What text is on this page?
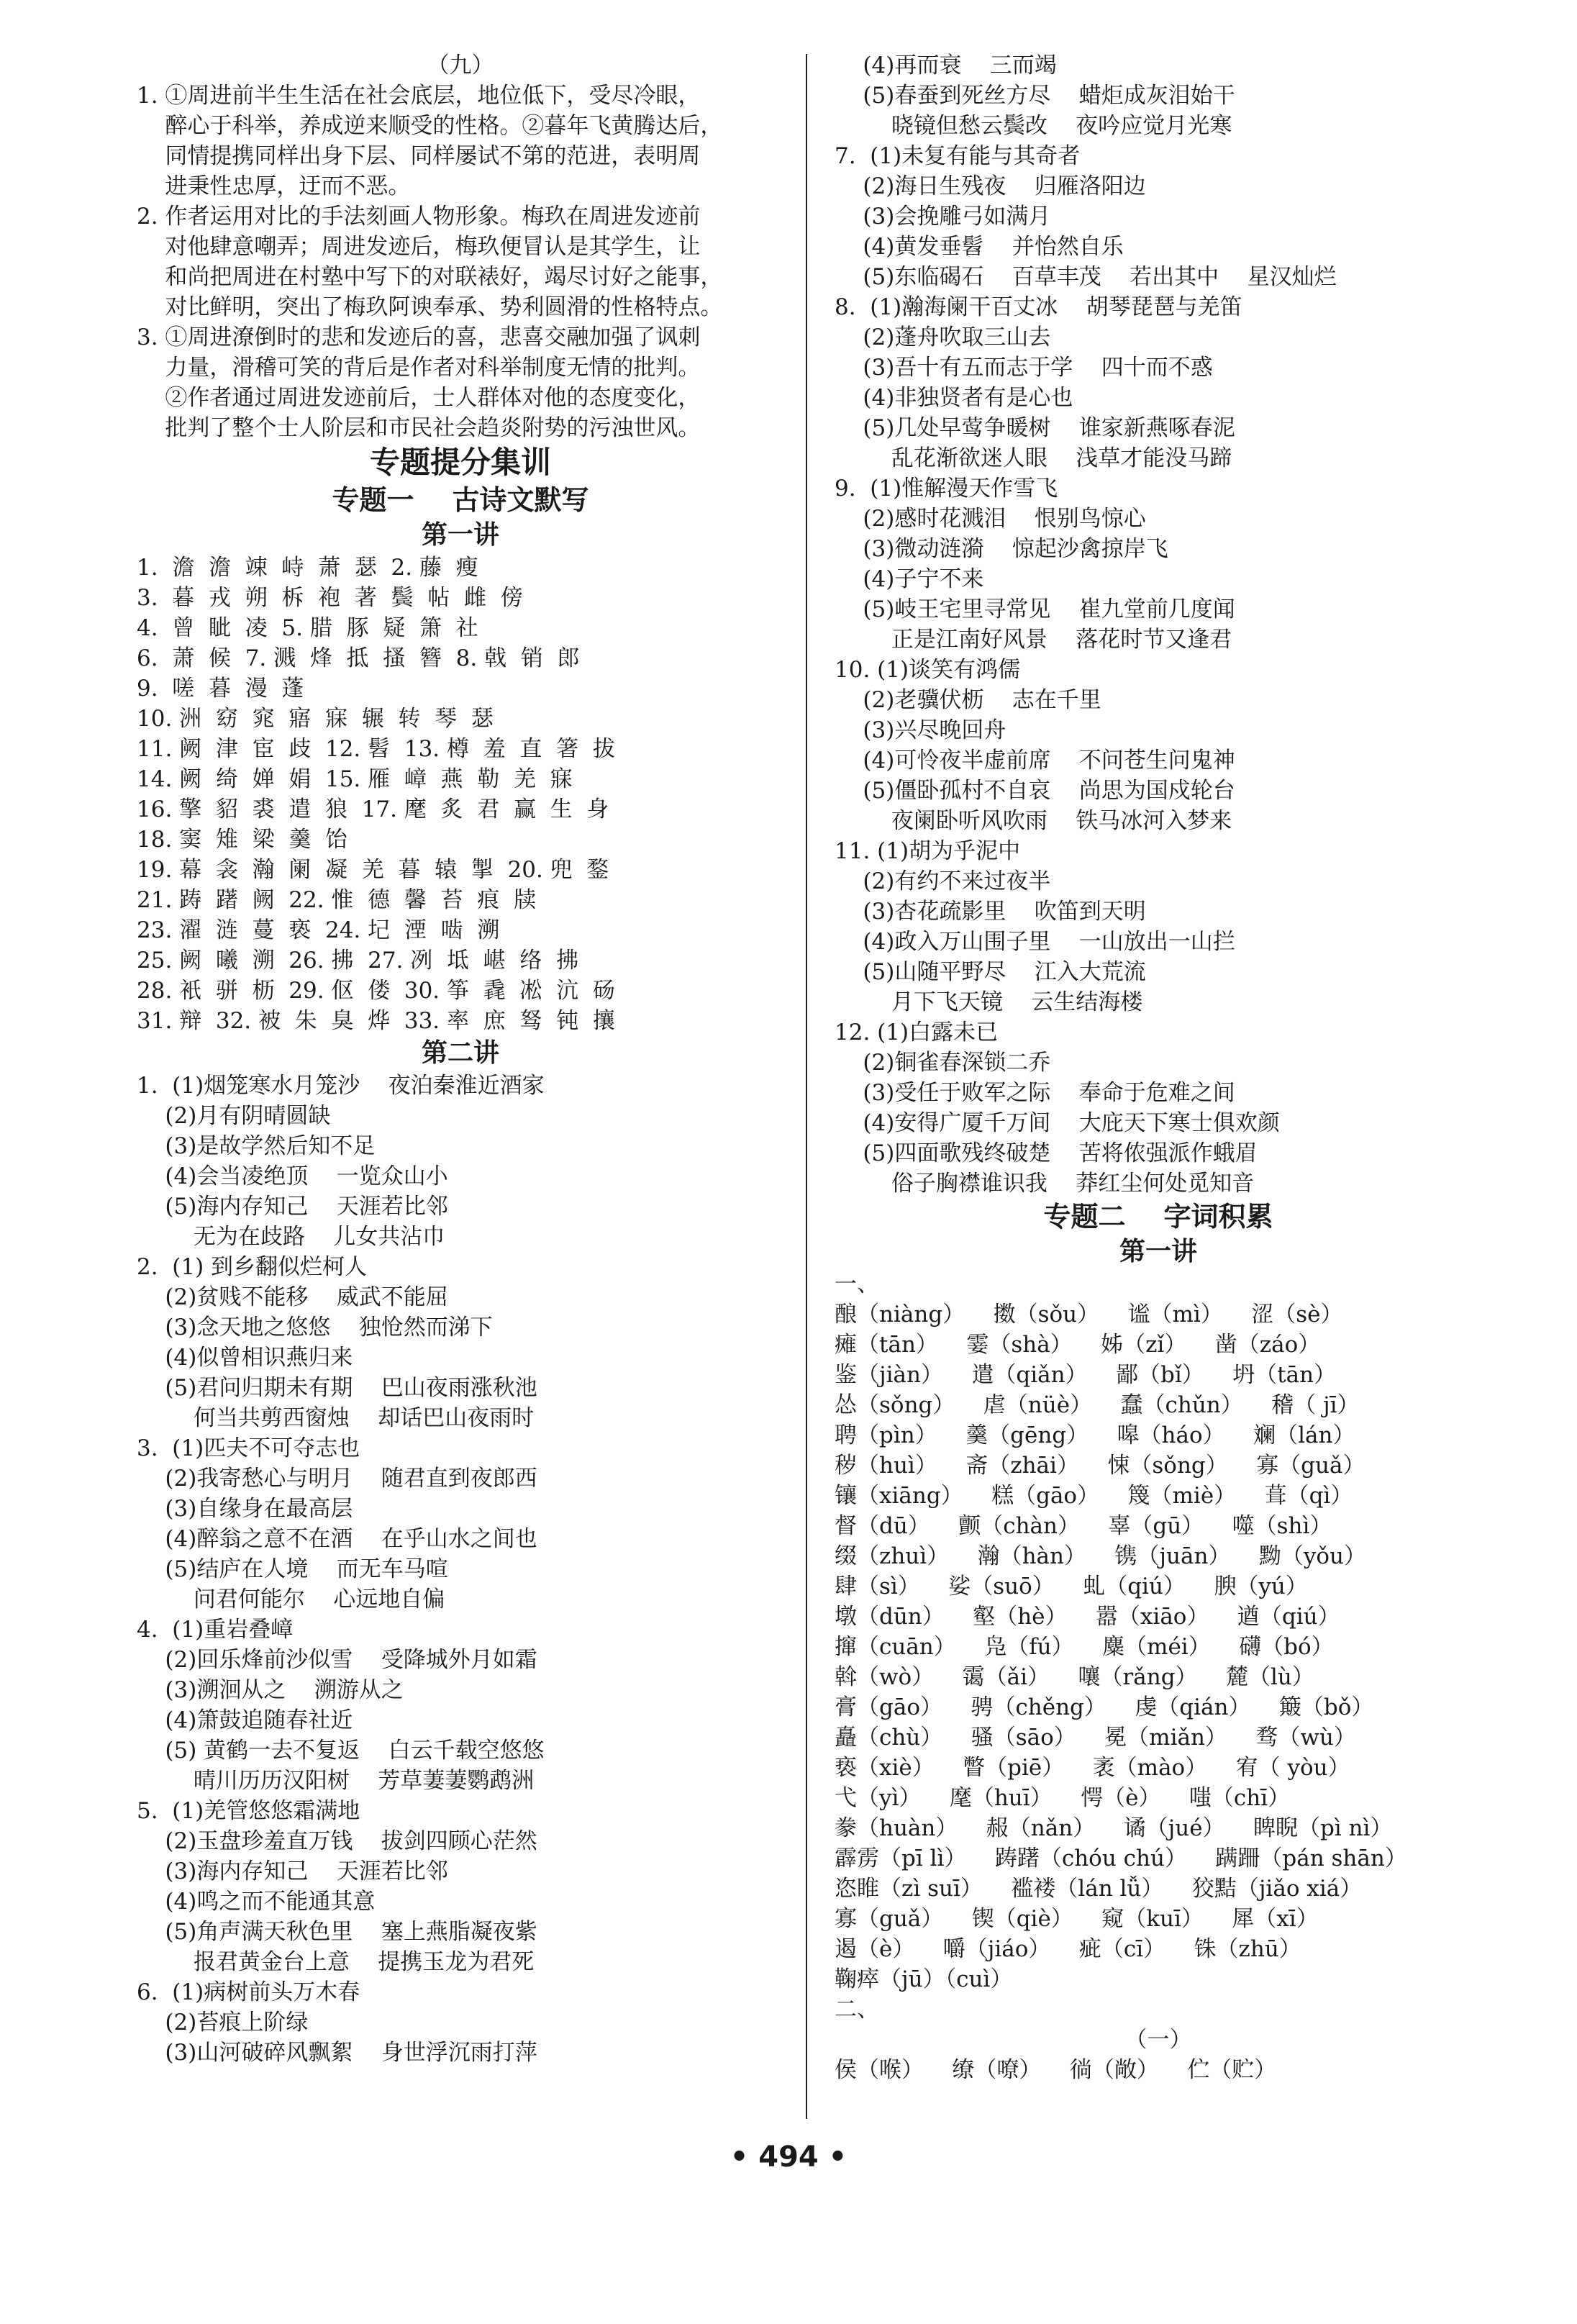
（九）
1. ①周进前半生生活在社会底层，地位低下，受尽冷眼，
醉心于科举，养成逆来顺受的性格。②暮年飞黄腾达后，
同情提携同样出身下层、同样屡试不第的范进，表明周
进秉性忠厚，迂而不恶。
2. 作者运用对比的手法刻画人物形象。梅玖在周进发迹前
对他肆意嘲弄；周进发迹后，梅玖便冒认是其学生，让
和尚把周进在村塾中写下的对联裱好，竭尽讨好之能事，
对比鲜明，突出了梅玖阿谀奉承、势利圆滑的性格特点。
3. ①周进潦倒时的悲和发迹后的喜，悲喜交融加强了讽刺
力量，滑稽可笑的背后是作者对科举制度无情的批判。
②作者通过周进发迹前后，士人群体对他的态度变化，
批判了整个士人阶层和市民社会趋炎附势的污浊世风。
专题提分集训
专题一    古诗文默写
第一讲
1.  澹  澹  竦  峙  萧  瑟  2. 藤  瘦
3.  暮  戎  朔  柝  袍  著  鬓  帖  雌  傍
4.  曾  眦  凌  5. 腊  豚  疑  箫  社
6.  萧  候  7. 溅  烽  抵  搔  簪  8. 戟  销  郎
9.  嗟  暮  漫  蓬
10. 洲  窈  窕  寤  寐  辗  转  琴  瑟
11. 阙  津  宦  歧  12. 髫  13. 樽  羞  直  箸  拔
14. 阙  绮  婵  娟  15. 雁  嶂  燕  勒  羌  寐
16. 擎  貂  裘  遣  狼  17. 麾  炙  君  赢  生  身
18. 窦  雉  梁  羹  饴
19. 幕  衾  瀚  阑  凝  羌  暮  辕  掣  20. 兜  鍪
21. 踌  躇  阙  22. 惟  德  馨  苔  痕  牍
23. 濯  涟  蔓  亵  24. 圮  湮  啮  溯
25. 阙  曦  溯  26. 拂  27. 冽  坻  嵁  络  拂
28. 衹  骈  枥  29. 伛  偻  30. 筝  毳  凇  沆  砀
31. 辩  32. 被  朱  臭  烨  33. 率  庶  驽  钝  攘
第二讲
1.  (1)烟笼寒水月笼沙    夜泊秦淮近酒家
(2)月有阴晴圆缺
(3)是故学然后知不足
(4)会当凌绝顶    一览众山小
(5)海内存知己    天涯若比邻
无为在歧路    儿女共沾巾
2.  (1) 到乡翻似烂柯人
(2)贫贱不能移    威武不能屈
(3)念天地之悠悠    独怆然而涕下
(4)似曾相识燕归来
(5)君问归期未有期    巴山夜雨涨秋池
何当共剪西窗烛    却话巴山夜雨时
3.  (1)匹夫不可夺志也
(2)我寄愁心与明月    随君直到夜郎西
(3)自缘身在最高层
(4)醉翁之意不在酒    在乎山水之间也
(5)结庐在人境    而无车马喧
问君何能尔    心远地自偏
4.  (1)重岩叠嶂
(2)回乐烽前沙似雪    受降城外月如霜
(3)溯洄从之    溯游从之
(4)箫鼓追随春社近
(5) 黄鹤一去不复返    白云千载空悠悠
晴川历历汉阳树    芳草萋萋鹦鹉洲
5.  (1)羌管悠悠霜满地
(2)玉盘珍羞直万钱    拔剑四顾心茫然
(3)海内存知己    天涯若比邻
(4)鸣之而不能通其意
(5)角声满天秋色里    塞上燕脂凝夜紫
报君黄金台上意    提携玉龙为君死
6.  (1)病树前头万木春
(2)苔痕上阶绿
(3)山河破碎风飘絮    身世浮沉雨打萍
(4)再而衰    三而竭
(5)春蚕到死丝方尽    蜡炬成灰泪始干
晓镜但愁云鬓改    夜吟应觉月光寒
7.  (1)未复有能与其奇者
(2)海日生残夜    归雁洛阳边
(3)会挽雕弓如满月
(4)黄发垂髫    并怡然自乐
(5)东临碣石    百草丰茂    若出其中    星汉灿烂
8.  (1)瀚海阑干百丈冰    胡琴琵琶与羌笛
(2)蓬舟吹取三山去
(3)吾十有五而志于学    四十而不惑
(4)非独贤者有是心也
(5)几处早莺争暖树    谁家新燕啄春泥
乱花渐欲迷人眼    浅草才能没马蹄
9.  (1)惟解漫天作雪飞
(2)感时花溅泪    恨别鸟惊心
(3)微动涟漪    惊起沙禽掠岸飞
(4)子宁不来
(5)岐王宅里寻常见    崔九堂前几度闻
正是江南好风景    落花时节又逢君
10. (1)谈笑有鸿儒
(2)老骥伏枥    志在千里
(3)兴尽晚回舟
(4)可怜夜半虚前席    不问苍生问鬼神
(5)僵卧孤村不自哀    尚思为国戍轮台
夜阑卧听风吹雨    铁马冰河入梦来
11. (1)胡为乎泥中
(2)有约不来过夜半
(3)杏花疏影里    吹笛到天明
(4)政入万山围子里    一山放出一山拦
(5)山随平野尽    江入大荒流
月下飞天镜    云生结海楼
12. (1)白露未已
(2)铜雀春深锁二乔
(3)受任于败军之际    奉命于危难之间
(4)安得广厦千万间    大庇天下寒士俱欢颜
(5)四面歌残终破楚    苦将侬强派作蛾眉
俗子胸襟谁识我    莽红尘何处觅知音
专题二    字词积累
第一讲
一、
酿（niàng）    擞（sǒu）    谧（mì）    涩（sè）
瘫（tān）    霎（shà）    姊（zǐ）    凿（záo）
鉴（jiàn）    遣（qiǎn）    鄙（bǐ）    坍（tān）
怂（sǒng）    虐（nüè）    蠢（chǔn）    稽（ jī）
聘（pìn）    羹（gēng）    嗥（háo）    斓（lán）
秽（huì）    斋（zhāi）    悚（sǒng）    寡（guǎ）
镶（xiāng）    糕（gāo）    篾（miè）    葺（qì）
督（dū）    颤（chàn）    辜（gū）    噬（shì）
缀（zhuì）    瀚（hàn）    镌（juān）    黝（yǒu）
肆（sì）    娑（suō）    虬（qiú）    腴（yú）
墩（dūn）    壑（hè）    嚣（xiāo）    遒（qiú）
撺（cuān）    凫（fú）    麋（méi）    礴（bó）
斡（wò）    霭（ǎi）    嚷（rǎng）    麓（lù）
膏（gāo）    骋（chěng）    虔（qián）    簸（bǒ）
矗（chù）    骚（sāo）    冕（miǎn）    骛（wù）
亵（xiè）    瞥（piē）    袤（mào）    宥（ yòu）
弋（yì）    麾（huī）    愕（è）    嗤（chī）
豢（huàn）    赧（nǎn）    谲（jué）    睥睨（pì nì）
霹雳（pī lì）    踌躇（chóu chú）    蹒跚（pán shān）
恣睢（zì suī）    褴褛（lán lǚ）    狡黠（jiǎo xiá）
寡（guǎ）    锲（qiè）    窥（kuī）    犀（xī）
遏（è）    嚼（jiáo）    疵（cī）    铢（zhū）
鞠瘁（jū）（cuì）
二、
（一）
侯（喉）    缭（嘹）    徜（敞）    伫（贮）
• 494 •
